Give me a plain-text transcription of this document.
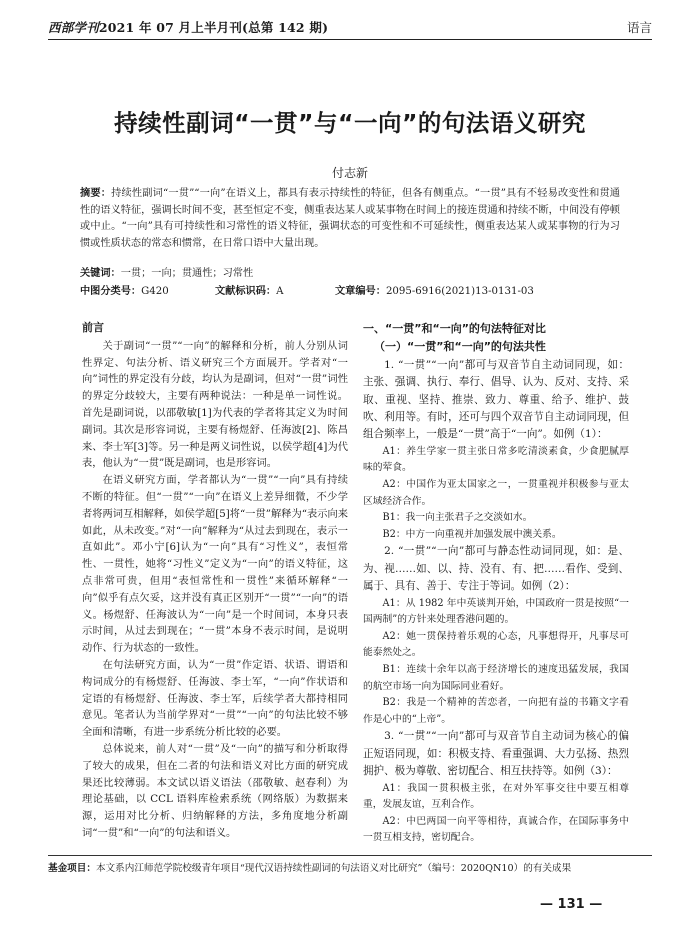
西部学刊2021 年 07 月上半月刊(总第 142 期)	语言
持续性副词“一贯”与“一向”的句法语义研究
付志新
摘要：持续性副词“一贯”“一向”在语义上，都具有表示持续性的特征，但各有侧重点。“一贯”具有不轻易改变性和贯通性的语义特征，强调长时间不变，甚至恒定不变，侧重表达某人或某事物在时间上的接连贯通和持续不断，中间没有停顿或中止。“一向”具有可持续性和习常性的语义特征，强调状态的可变性和不可延续性，侧重表达某人或某事物的行为习惯或性质状态的常态和惯常，在日常口语中大量出现。
关键词：一贯；一向；贯通性；习常性
中图分类号：G420	文献标识码：A	文章编号：2095-6916(2021)13-0131-03
前言

关于副词“一贯”“一向”的解释和分析，前人分别从词性界定、句法分析、语义研究三个方面展开。学者对“一向”词性的界定没有分歧，均认为是副词，但对“一贯”词性的界定分歧较大，主要有两种说法：一种是单一词性说。首先是副词说，以邵敬敏[1]为代表的学者将其定义为时间副词。其次是形容词说，主要有杨煜舒、任海波[2]、陈昌来、李士军[3]等。另一种是两义词性说，以侯学超[4]为代表，他认为“一贯”既是副词，也是形容词。

在语义研究方面，学者都认为“一贯”“一向”具有持续不断的特征。但“一贯”“一向”在语义上差异细微，不少学者将两词互相解释，如侯学超[5]将“一贯”解释为“表示向来如此，从未改变。”对“一向”解释为“从过去到现在，表示一直如此”。邓小宁[6]认为“一向”具有“习性义”，表恒常性、一贯性，她将“习性义”定义为“一向”的语义特征，这点非常可贵，但用“表恒常性和一贯性”来循环解释“一向”似乎有点欠妥，这并没有真正区别开“一贯”“一向”的语义。杨煜舒、任海波认为“一向”是一个时间词，本身只表示时间，从过去到现在；“一贯”本身不表示时间，是说明动作、行为状态的一致性。

在句法研究方面，认为“一贯”作定语、状语、谓语和构词成分的有杨煜舒、任海波、李士军，“一向”作状语和定语的有杨煜舒、任海波、李士军，后续学者大都持相同意见。笔者认为当前学界对“一贯”“一向”的句法比较不够全面和清晰，有进一步系统分析比较的必要。

总体说来，前人对“一贯”及“一向”的描写和分析取得了较大的成果，但在二者的句法和语义对比方面的研究成果还比较薄弱。本文试以语义语法（邵敬敏、赵春利）为理论基础，以 CCL 语料库检索系统（网络版）为数据来源，运用对比分析、归纳解释的方法，多角度地分析副词“一贯”和“一向”的句法和语义。

一、“一贯”和“一向”的句法特征对比
（一）“一贯”和“一向”的句法共性

1. “一贯”“一向”都可与双音节自主动词同现，如：主张、强调、执行、奉行、倡导、认为、反对、支持、采取、重视、坚持、推崇、致力、尊重、给予、维护、鼓吹、利用等。有时，还可与四个双音节自主动词同现，但组合频率上，一般是“一贯”高于“一向”。如例（1）：

A1：养生学家一贯主张日常多吃清淡素食，少食肥腻厚味的荤食。

A2：中国作为亚太国家之一，一贯重视并积极参与亚太区域经济合作。

B1：我一向主张君子之交淡如水。

B2：中方一向重视并加强发展中澳关系。

2. “一贯”“一向”都可与静态性动词同现，如：是、为、视……如、以、持、没有、有、把……看作、受到、属于、具有、善于、专注于等词。如例（2）：

A1：从 1982 年中英谈判开始，中国政府一贯是按照“一国两制”的方针来处理香港问题的。

A2：她一贯保持着乐观的心态，凡事想得开，凡事尽可能泰然处之。

B1：连续十余年以高于经济增长的速度迅猛发展，我国的航空市场一向为国际同业看好。

B2：我是一个精神的苦恋者，一向把有益的书籍文字看作是心中的“上帝”。

3. “一贯”“一向”都可与双音节自主动词为核心的偏正短语同现，如：积极支持、看重强调、大力弘扬、热烈拥护、极为尊敬、密切配合、相互扶持等。如例（3）：

A1：我国一贯积极主张，在对外军事交往中要互相尊重，发展友谊，互利合作。

A2：中巴两国一向平等相待，真诚合作，在国际事务中一贯互相支持，密切配合。

基金项目：本文系内江师范学院校级青年项目“现代汉语持续性副词的句法语义对比研究”（编号：2020QN10）的有关成果
— 131 —
